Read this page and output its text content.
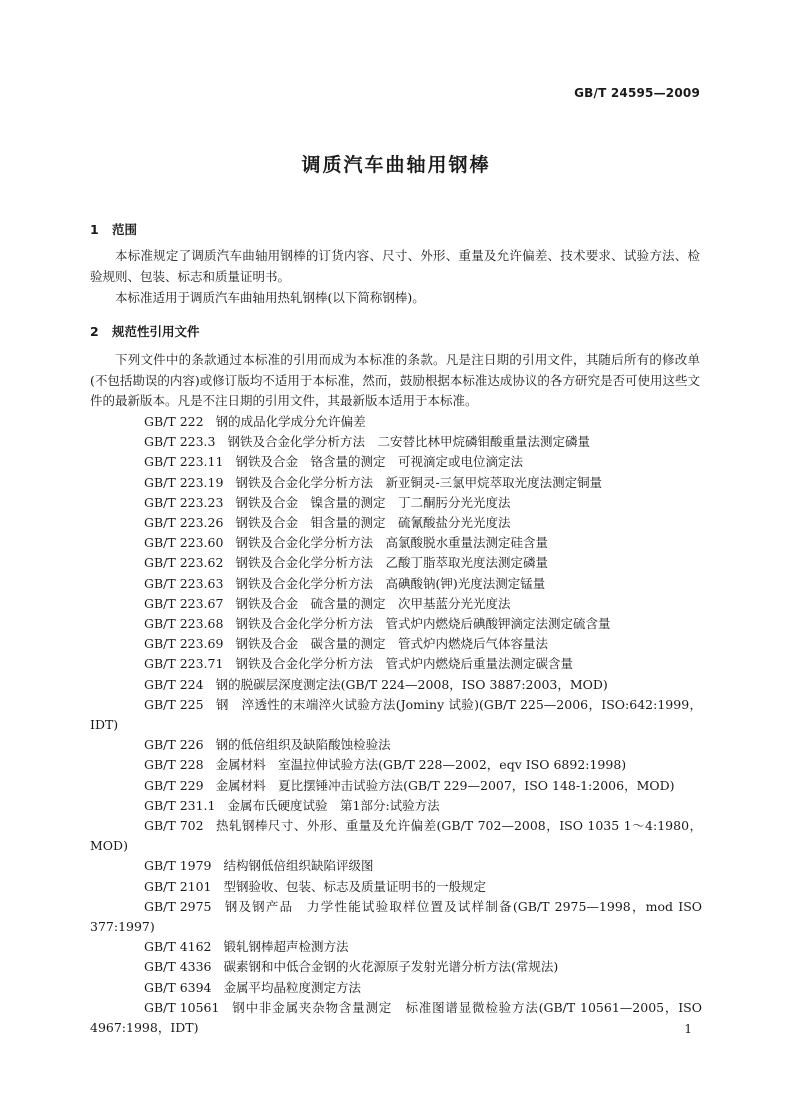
GB/T 24595—2009
调质汽车曲轴用钢棒
1 范围
本标准规定了调质汽车曲轴用钢棒的订货内容、尺寸、外形、重量及允许偏差、技术要求、试验方法、检验规则、包装、标志和质量证明书。
本标准适用于调质汽车曲轴用热轧钢棒(以下简称钢棒)。
2 规范性引用文件
下列文件中的条款通过本标准的引用而成为本标准的条款。凡是注日期的引用文件，其随后所有的修改单(不包括勘误的内容)或修订版均不适用于本标准，然而，鼓励根据本标准达成协议的各方研究是否可使用这些文件的最新版本。凡是不注日期的引用文件，其最新版本适用于本标准。
GB/T 222 钢的成品化学成分允许偏差
GB/T 223.3 钢铁及合金化学分析方法　二安替比林甲烷磷钼酸重量法测定磷量
GB/T 223.11 钢铁及合金　铬含量的测定　可视滴定或电位滴定法
GB/T 223.19 钢铁及合金化学分析方法　新亚铜灵-三氯甲烷萃取光度法测定铜量
GB/T 223.23 钢铁及合金　镍含量的测定　丁二酮肟分光光度法
GB/T 223.26 钢铁及合金　钼含量的测定　硫氰酸盐分光光度法
GB/T 223.60 钢铁及合金化学分析方法　高氯酸脱水重量法测定硅含量
GB/T 223.62 钢铁及合金化学分析方法　乙酸丁脂萃取光度法测定磷量
GB/T 223.63 钢铁及合金化学分析方法　高碘酸钠(钾)光度法测定锰量
GB/T 223.67 钢铁及合金　硫含量的测定　次甲基蓝分光光度法
GB/T 223.68 钢铁及合金化学分析方法　管式炉内燃烧后碘酸钾滴定法测定硫含量
GB/T 223.69 钢铁及合金　碳含量的测定　管式炉内燃烧后气体容量法
GB/T 223.71 钢铁及合金化学分析方法　管式炉内燃烧后重量法测定碳含量
GB/T 224 钢的脱碳层深度测定法(GB/T 224—2008，ISO 3887:2003，MOD)
GB/T 225 钢　淬透性的末端淬火试验方法(Jominy 试验)(GB/T 225—2006，ISO:642:1999，IDT)
GB/T 226 钢的低倍组织及缺陷酸蚀检验法
GB/T 228 金属材料　室温拉伸试验方法(GB/T 228—2002，eqv ISO 6892:1998)
GB/T 229 金属材料　夏比摆锤冲击试验方法(GB/T 229—2007，ISO 148-1:2006，MOD)
GB/T 231.1 金属布氏硬度试验　第1部分:试验方法
GB/T 702 热轧钢棒尺寸、外形、重量及允许偏差(GB/T 702—2008，ISO 1035 1～4:1980，MOD)
GB/T 1979 结构钢低倍组织缺陷评级图
GB/T 2101 型钢验收、包装、标志及质量证明书的一般规定
GB/T 2975 钢及钢产品　力学性能试验取样位置及试样制备(GB/T 2975—1998，mod ISO 377:1997)
GB/T 4162 锻轧钢棒超声检测方法
GB/T 4336 碳素钢和中低合金钢的火花源原子发射光谱分析方法(常规法)
GB/T 6394 金属平均晶粒度测定方法
GB/T 10561 钢中非金属夹杂物含量测定　标准图谱显微检验方法(GB/T 10561—2005，ISO 4967:1998，IDT)	1
